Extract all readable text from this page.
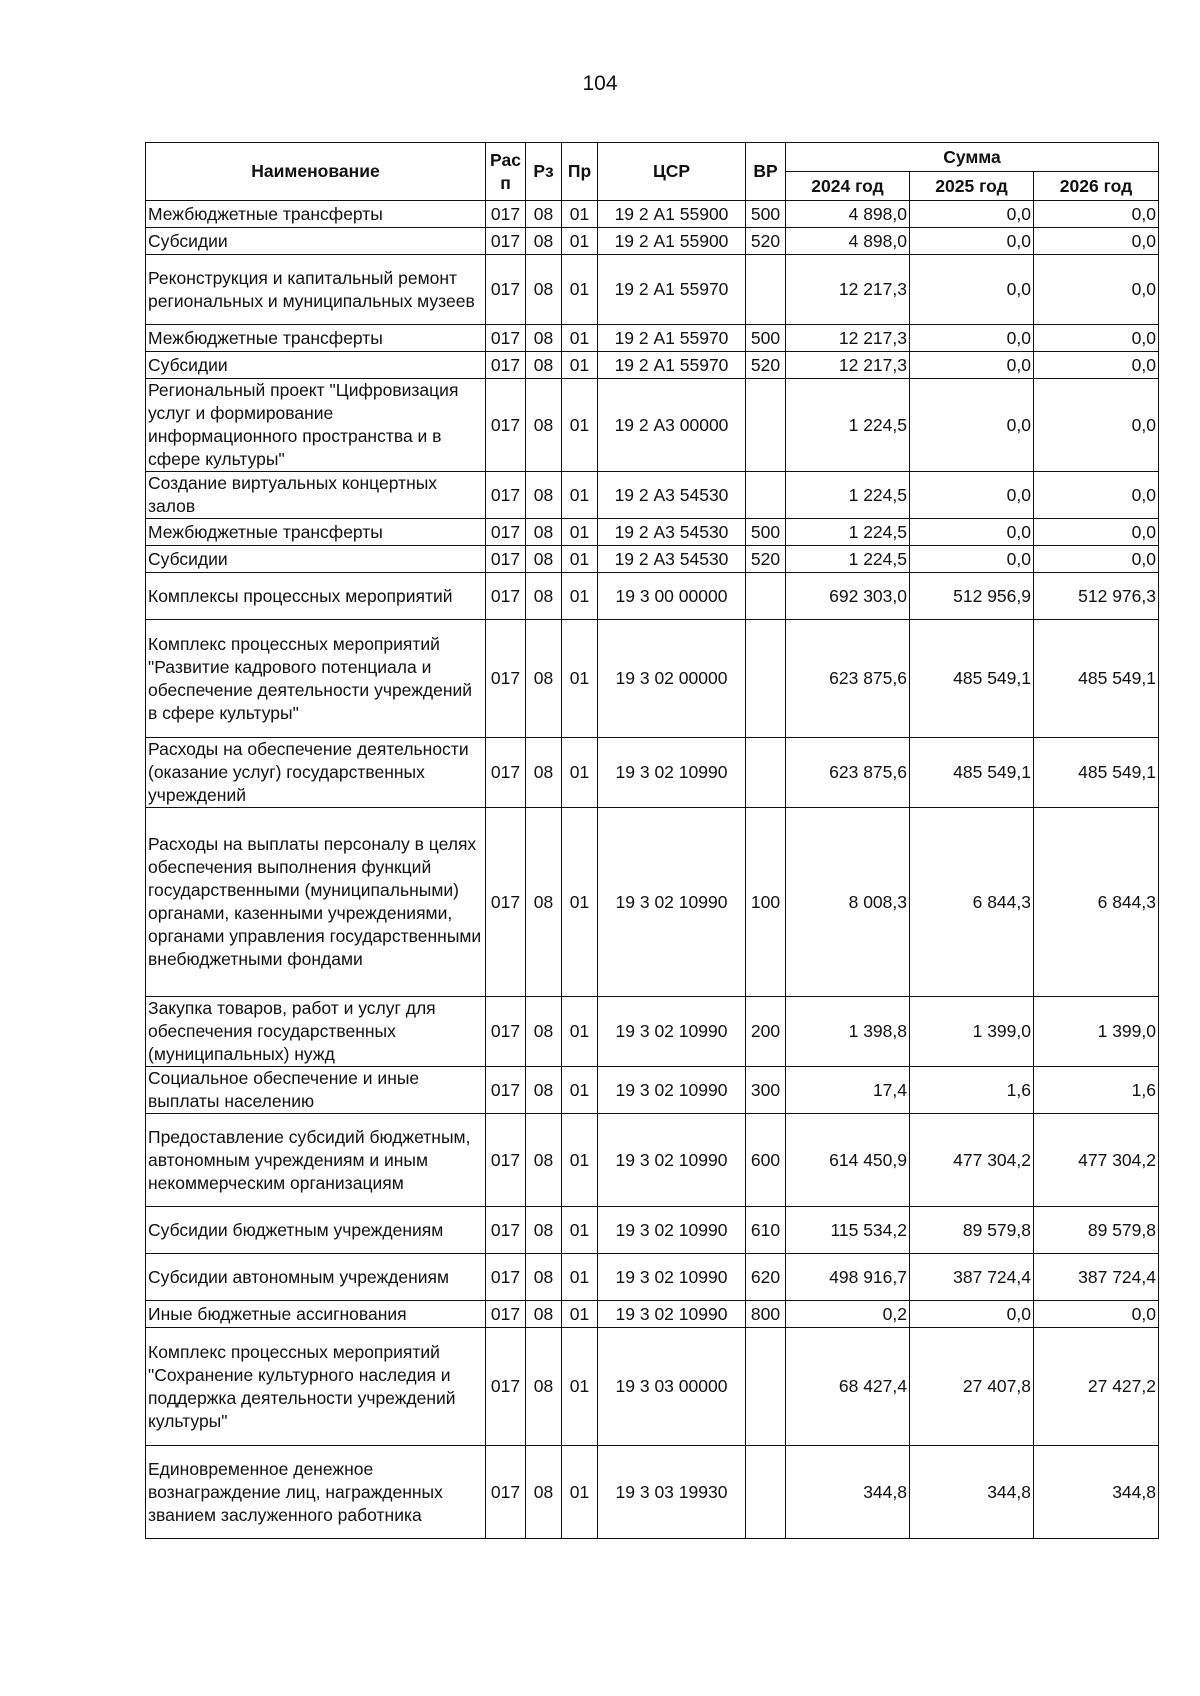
104
Наименование	Рас п	Рз	Пр	ЦСР	ВР	Сумма		
						2024 год	2025 год	2026 год
Межбюджетные трансферты	017	08	01	19 2 А1 55900	500	4 898,0	0,0	0,0
Субсидии	017	08	01	19 2 А1 55900	520	4 898,0	0,0	0,0
Реконструкция и капитальный ремонт региональных и муниципальных музеев	017	08	01	19 2 А1 55970		12 217,3	0,0	0,0
Межбюджетные трансферты	017	08	01	19 2 А1 55970	500	12 217,3	0,0	0,0
Субсидии	017	08	01	19 2 А1 55970	520	12 217,3	0,0	0,0
Региональный проект "Цифровизация услуг и формирование информационного пространства и в сфере культуры"	017	08	01	19 2 А3 00000		1 224,5	0,0	0,0
Создание виртуальных концертных залов	017	08	01	19 2 А3 54530		1 224,5	0,0	0,0
Межбюджетные трансферты	017	08	01	19 2 А3 54530	500	1 224,5	0,0	0,0
Субсидии	017	08	01	19 2 А3 54530	520	1 224,5	0,0	0,0
Комплексы процессных мероприятий	017	08	01	19 3 00 00000		692 303,0	512 956,9	512 976,3
Комплекс процессных мероприятий "Развитие кадрового потенциала и обеспечение деятельности учреждений в сфере культуры"	017	08	01	19 3 02 00000		623 875,6	485 549,1	485 549,1
Расходы на обеспечение деятельности (оказание услуг) государственных учреждений	017	08	01	19 3 02 10990		623 875,6	485 549,1	485 549,1
Расходы на выплаты персоналу в целях обеспечения выполнения функций государственными (муниципальными) органами, казенными учреждениями, органами управления государственными внебюджетными фондами	017	08	01	19 3 02 10990	100	8 008,3	6 844,3	6 844,3
Закупка товаров, работ и услуг для обеспечения государственных (муниципальных) нужд	017	08	01	19 3 02 10990	200	1 398,8	1 399,0	1 399,0
Социальное обеспечение и иные выплаты населению	017	08	01	19 3 02 10990	300	17,4	1,6	1,6
Предоставление субсидий бюджетным, автономным учреждениям и иным некоммерческим организациям	017	08	01	19 3 02 10990	600	614 450,9	477 304,2	477 304,2
Субсидии бюджетным учреждениям	017	08	01	19 3 02 10990	610	115 534,2	89 579,8	89 579,8
Субсидии автономным учреждениям	017	08	01	19 3 02 10990	620	498 916,7	387 724,4	387 724,4
Иные бюджетные ассигнования	017	08	01	19 3 02 10990	800	0,2	0,0	0,0
Комплекс процессных мероприятий "Сохранение культурного наследия и поддержка деятельности учреждений культуры"	017	08	01	19 3 03 00000		68 427,4	27 407,8	27 427,2
Единовременное денежное вознаграждение лиц, награжденных званием заслуженного работника	017	08	01	19 3 03 19930		344,8	344,8	344,8
